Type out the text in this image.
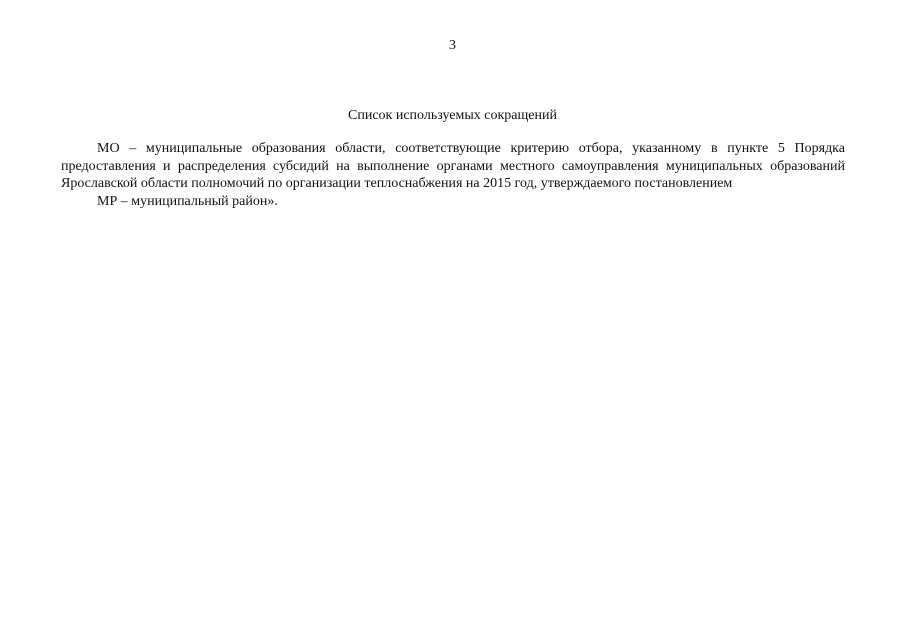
3
Список используемых сокращений

МО – муниципальные образования области, соответствующие критерию отбора, указанному в пункте 5 Порядка предоставления и распределения субсидий на выполнение органами местного самоуправления муниципальных образований Ярославской области полномочий по организации теплоснабжения на 2015 год, утверждаемого постановлением

МР – муниципальный район».
